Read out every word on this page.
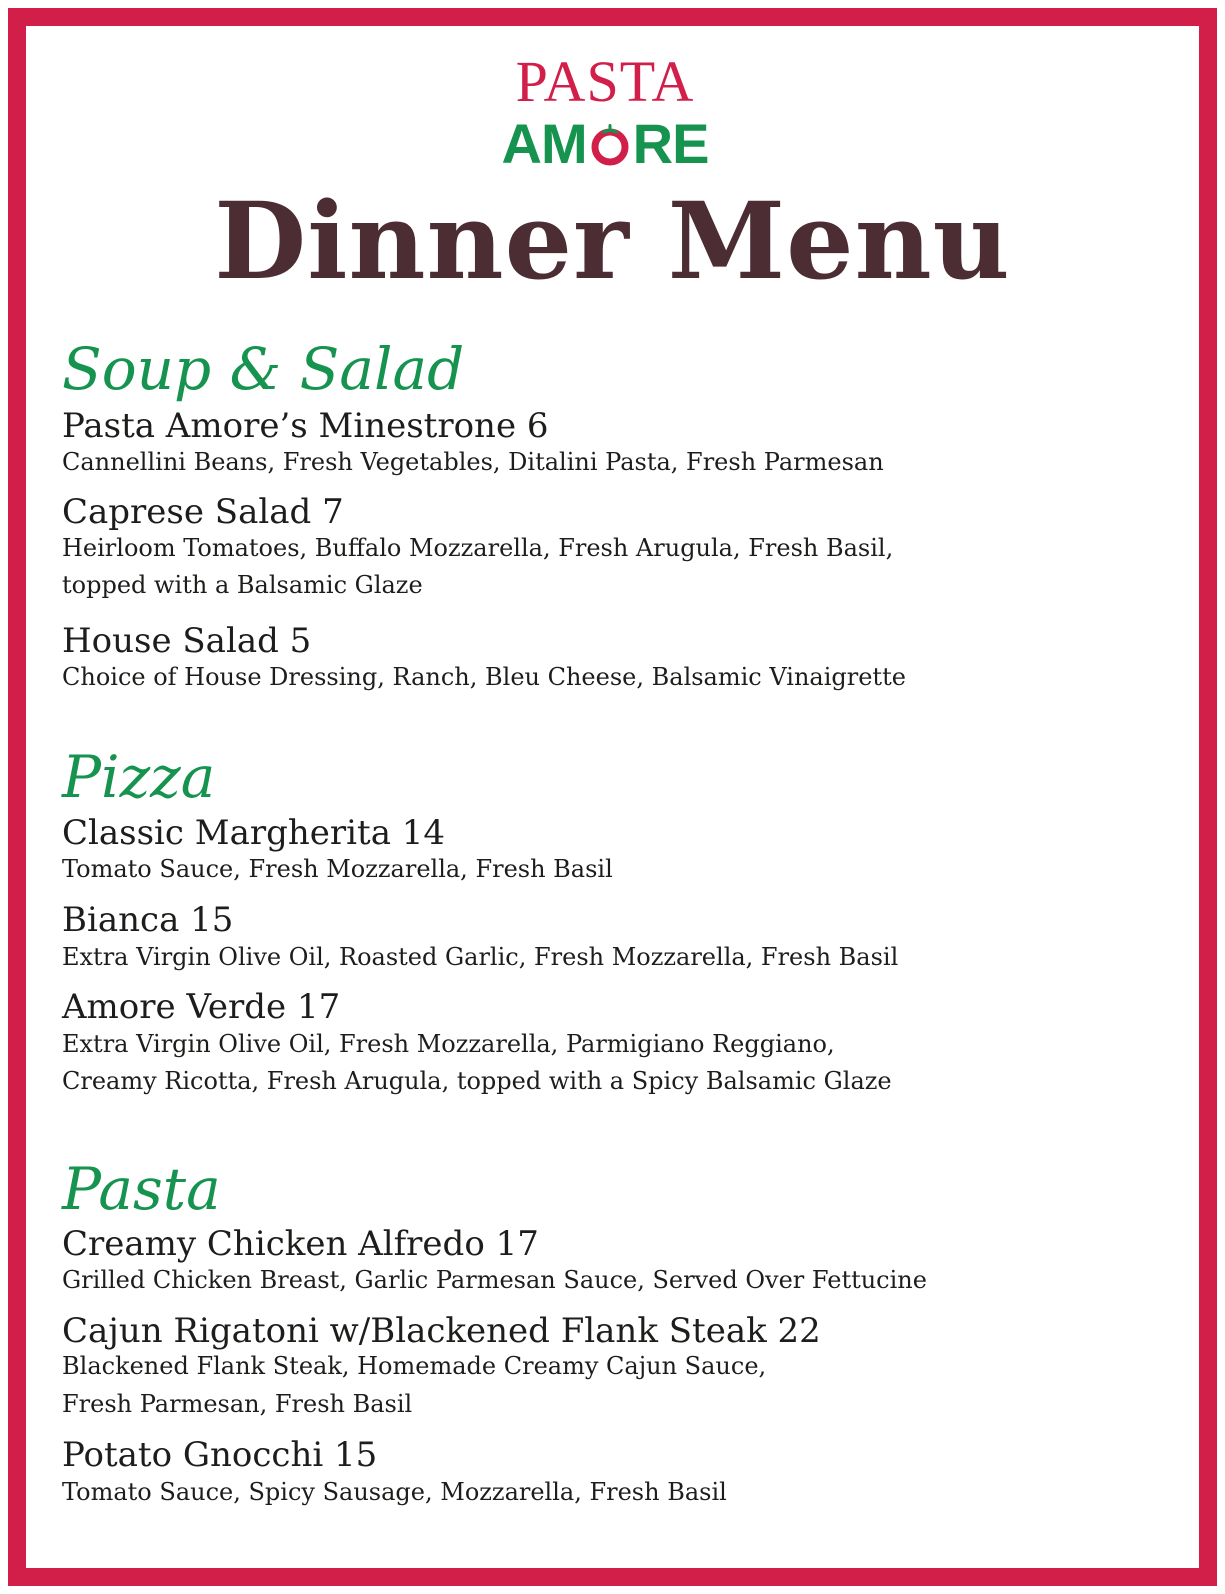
PASTA
AM RE
Dinner Menu
Soup & Salad
Pasta Amore’s Minestrone 6
Cannellini Beans, Fresh Vegetables, Ditalini Pasta, Fresh Parmesan
Caprese Salad 7
Heirloom Tomatoes, Buffalo Mozzarella, Fresh Arugula, Fresh Basil,
topped with a Balsamic Glaze
House Salad 5
Choice of House Dressing, Ranch, Bleu Cheese, Balsamic Vinaigrette
Pizza
Classic Margherita 14
Tomato Sauce, Fresh Mozzarella, Fresh Basil
Bianca 15
Extra Virgin Olive Oil, Roasted Garlic, Fresh Mozzarella, Fresh Basil
Amore Verde 17
Extra Virgin Olive Oil, Fresh Mozzarella, Parmigiano Reggiano,
Creamy Ricotta, Fresh Arugula, topped with a Spicy Balsamic Glaze
Pasta
Creamy Chicken Alfredo 17
Grilled Chicken Breast, Garlic Parmesan Sauce, Served Over Fettucine
Cajun Rigatoni w/Blackened Flank Steak 22
Blackened Flank Steak, Homemade Creamy Cajun Sauce,
Fresh Parmesan, Fresh Basil
Potato Gnocchi 15
Tomato Sauce, Spicy Sausage, Mozzarella, Fresh Basil
